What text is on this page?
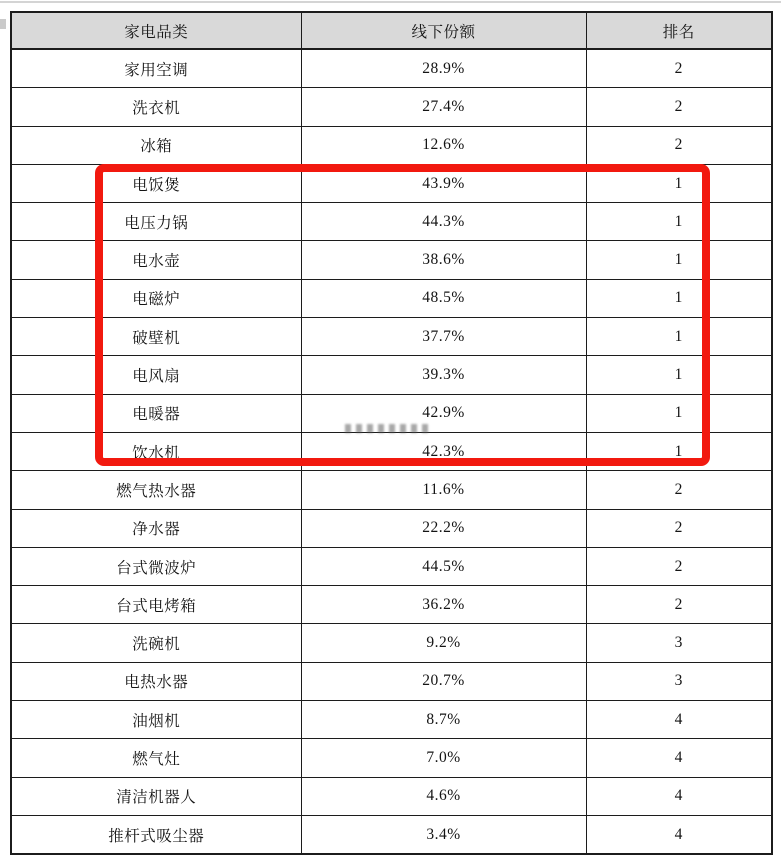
家电品类	线下份额	排名
家用空调	28.9%	2
洗衣机	27.4%	2
冰箱	12.6%	2
电饭煲	43.9%	1
电压力锅	44.3%	1
电水壶	38.6%	1
电磁炉	48.5%	1
破壁机	37.7%	1
电风扇	39.3%	1
电暖器	42.9%	1
饮水机	42.3%	1
燃气热水器	11.6%	2
净水器	22.2%	2
台式微波炉	44.5%	2
台式电烤箱	36.2%	2
洗碗机	9.2%	3
电热水器	20.7%	3
油烟机	8.7%	4
燃气灶	7.0%	4
清洁机器人	4.6%	4
推杆式吸尘器	3.4%	4
